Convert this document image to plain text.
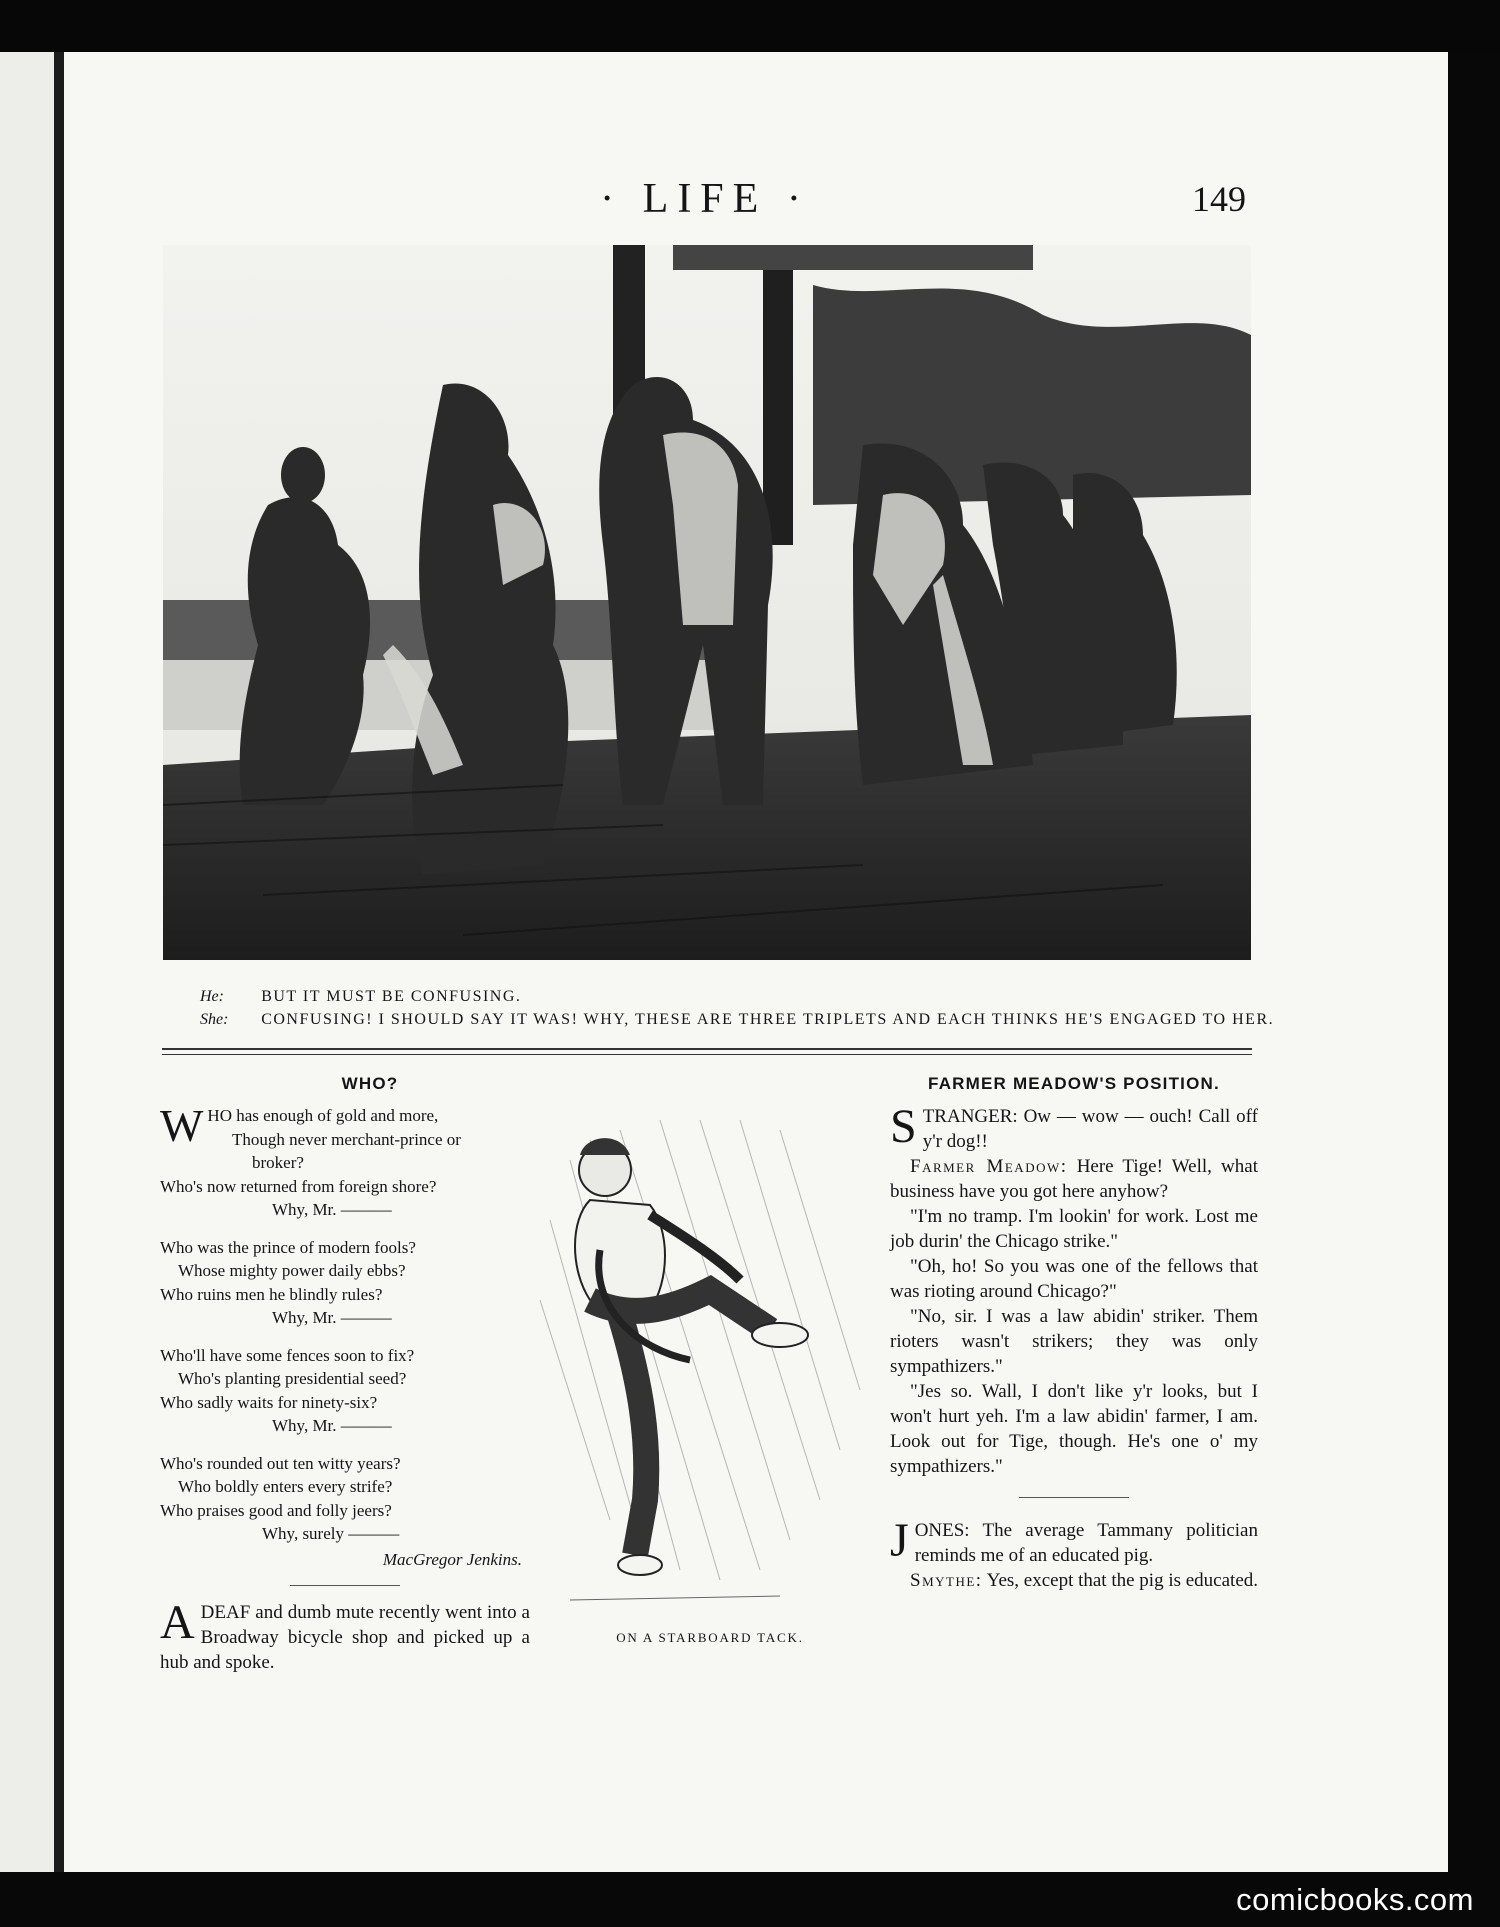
comicbooks.com
· LIFE ·	149
He: BUT IT MUST BE CONFUSING.
She: CONFUSING! I SHOULD SAY IT WAS! WHY, THESE ARE THREE TRIPLETS AND EACH THINKS HE'S ENGAGED TO HER.
WHO?
W HO has enough of gold and more,
Though never merchant-prince or
broker?
Who's now returned from foreign shore?
Why, Mr. ———
Who was the prince of modern fools?
Whose mighty power daily ebbs?
Who ruins men he blindly rules?
Why, Mr. ———
Who'll have some fences soon to fix?
Who's planting presidential seed?
Who sadly waits for ninety-six?
Why, Mr. ———
Who's rounded out ten witty years?
Who boldly enters every strife?
Who praises good and folly jeers?
Why, surely ———
MacGregor Jenkins.
A DEAF and dumb mute recently went into a Broadway bicycle shop and picked up a hub and spoke.
ON A STARBOARD TACK.
FARMER MEADOW'S POSITION.

S TRANGER: Ow — wow — ouch! Call off y'r dog!!

Farmer Meadow: Here Tige! Well, what business have you got here anyhow?

"I'm no tramp. I'm lookin' for work. Lost me job durin' the Chicago strike."

"Oh, ho! So you was one of the fellows that was rioting around Chicago?"

"No, sir. I was a law abidin' striker. Them rioters wasn't strikers; they was only sympathizers."

"Jes so. Wall, I don't like y'r looks, but I won't hurt yeh. I'm a law abidin' farmer, I am. Look out for Tige, though. He's one o' my sympathizers."

J ONES: The average Tammany politician reminds me of an educated pig.

Smythe: Yes, except that the pig is educated.
